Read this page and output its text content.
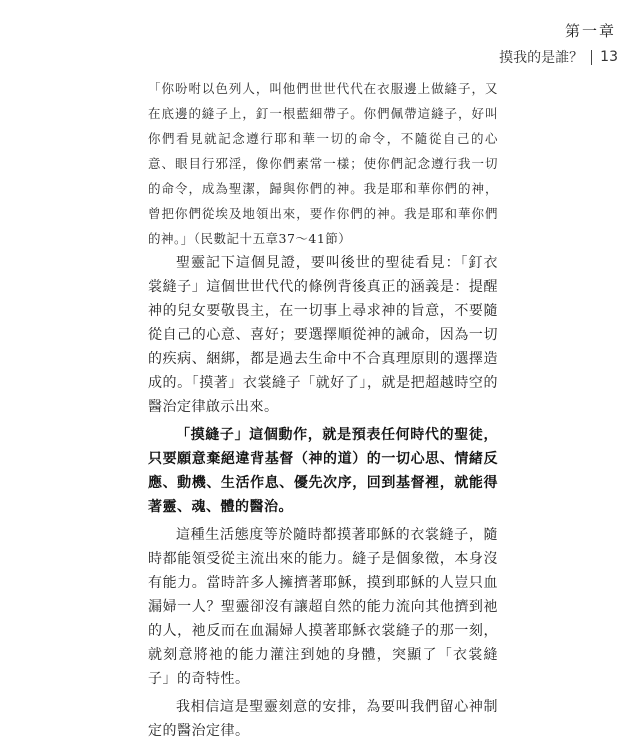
第一章
摸我的是誰？ 13

「你吩咐以色列人，叫他們世世代代在衣服邊上做縫子，又在底邊的縫子上，釘一根藍細帶子。你們佩帶這縫子，好叫你們看見就記念遵行耶和華一切的命令，不隨從自己的心意、眼目行邪淫，像你們素常一樣；使你們記念遵行我一切的命令，成為聖潔，歸與你們的神。我是耶和華你們的神，曾把你們從埃及地領出來，要作你們的神。我是耶和華你們的神。」（民數記十五章37～41節）

聖靈記下這個見證，要叫後世的聖徒看見：「釘衣裳縫子」這個世世代代的條例背後真正的涵義是：提醒神的兒女要敬畏主，在一切事上尋求神的旨意，不要隨從自己的心意、喜好；要選擇順從神的誡命，因為一切的疾病、綑綁，都是過去生命中不合真理原則的選擇造成的。「摸著」衣裳縫子「就好了」，就是把超越時空的醫治定律啟示出來。

「摸縫子」這個動作，就是預表任何時代的聖徒，只要願意棄絕違背基督（神的道）的一切心思、情緒反應、動機、生活作息、優先次序，回到基督裡，就能得著靈、魂、體的醫治。

這種生活態度等於隨時都摸著耶穌的衣裳縫子，隨時都能領受從主流出來的能力。縫子是個象徵，本身沒有能力。當時許多人擁擠著耶穌，摸到耶穌的人豈只血漏婦一人？聖靈卻沒有讓超自然的能力流向其他擠到祂的人，祂反而在血漏婦人摸著耶穌衣裳縫子的那一刻，就刻意將祂的能力灌注到她的身體，突顯了「衣裳縫子」的奇特性。

我相信這是聖靈刻意的安排，為要叫我們留心神制定的醫治定律。
